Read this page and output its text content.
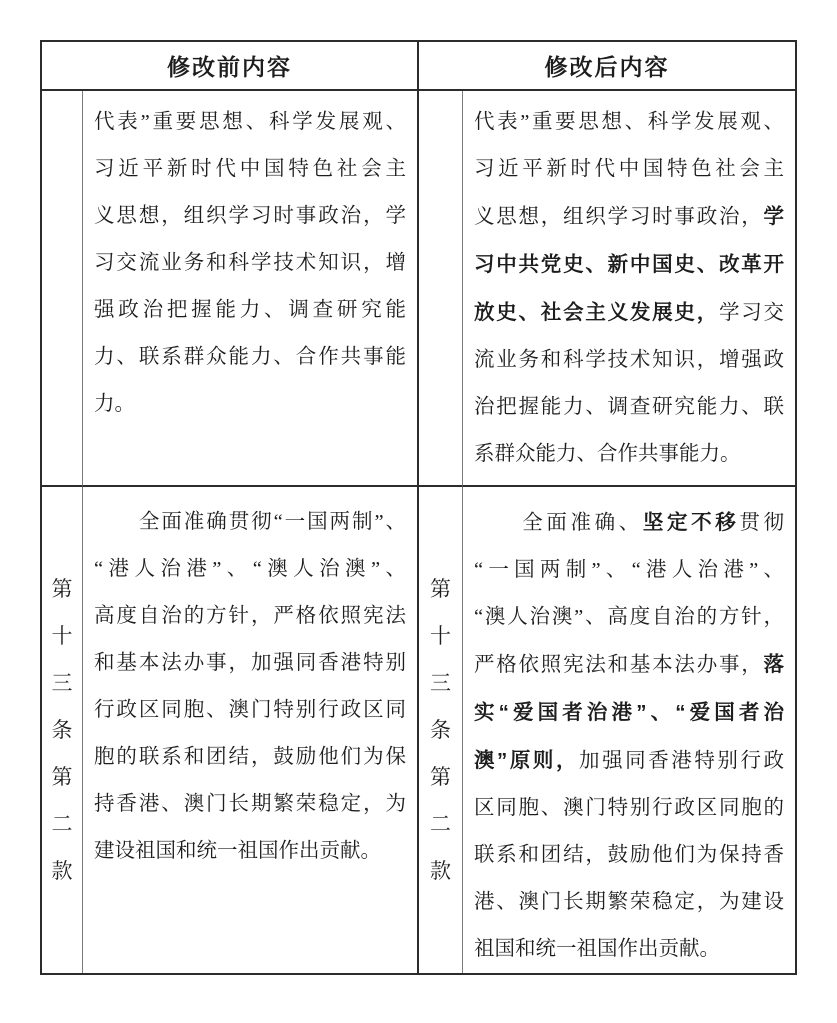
修改前内容	修改后内容
代表”重要思想、科学发展观、
习近平新时代中国特色社会主
义思想，组织学习时事政治，学
习交流业务和科学技术知识，增
强政治把握能力、调查研究能
力、联系群众能力、合作共事能
力。
代表”重要思想、科学发展观、
习近平新时代中国特色社会主
义思想，组织学习时事政治，学
习中共党史、新中国史、改革开
放史、社会主义发展史，学习交
流业务和科学技术知识，增强政
治把握能力、调查研究能力、联
系群众能力、合作共事能力。
第十三条第二款
　　全面准确贯彻“一国两制”、
“港人治港”、“澳人治澳”、
高度自治的方针，严格依照宪法
和基本法办事，加强同香港特别
行政区同胞、澳门特别行政区同
胞的联系和团结，鼓励他们为保
持香港、澳门长期繁荣稳定，为
建设祖国和统一祖国作出贡献。
第十三条第二款
　　全面准确、坚定不移贯彻
“一国两制”、“港人治港”、
“澳人治澳”、高度自治的方针，
严格依照宪法和基本法办事，落
实“爱国者治港”、“爱国者治
澳”原则，加强同香港特别行政
区同胞、澳门特别行政区同胞的
联系和团结，鼓励他们为保持香
港、澳门长期繁荣稳定，为建设
祖国和统一祖国作出贡献。
